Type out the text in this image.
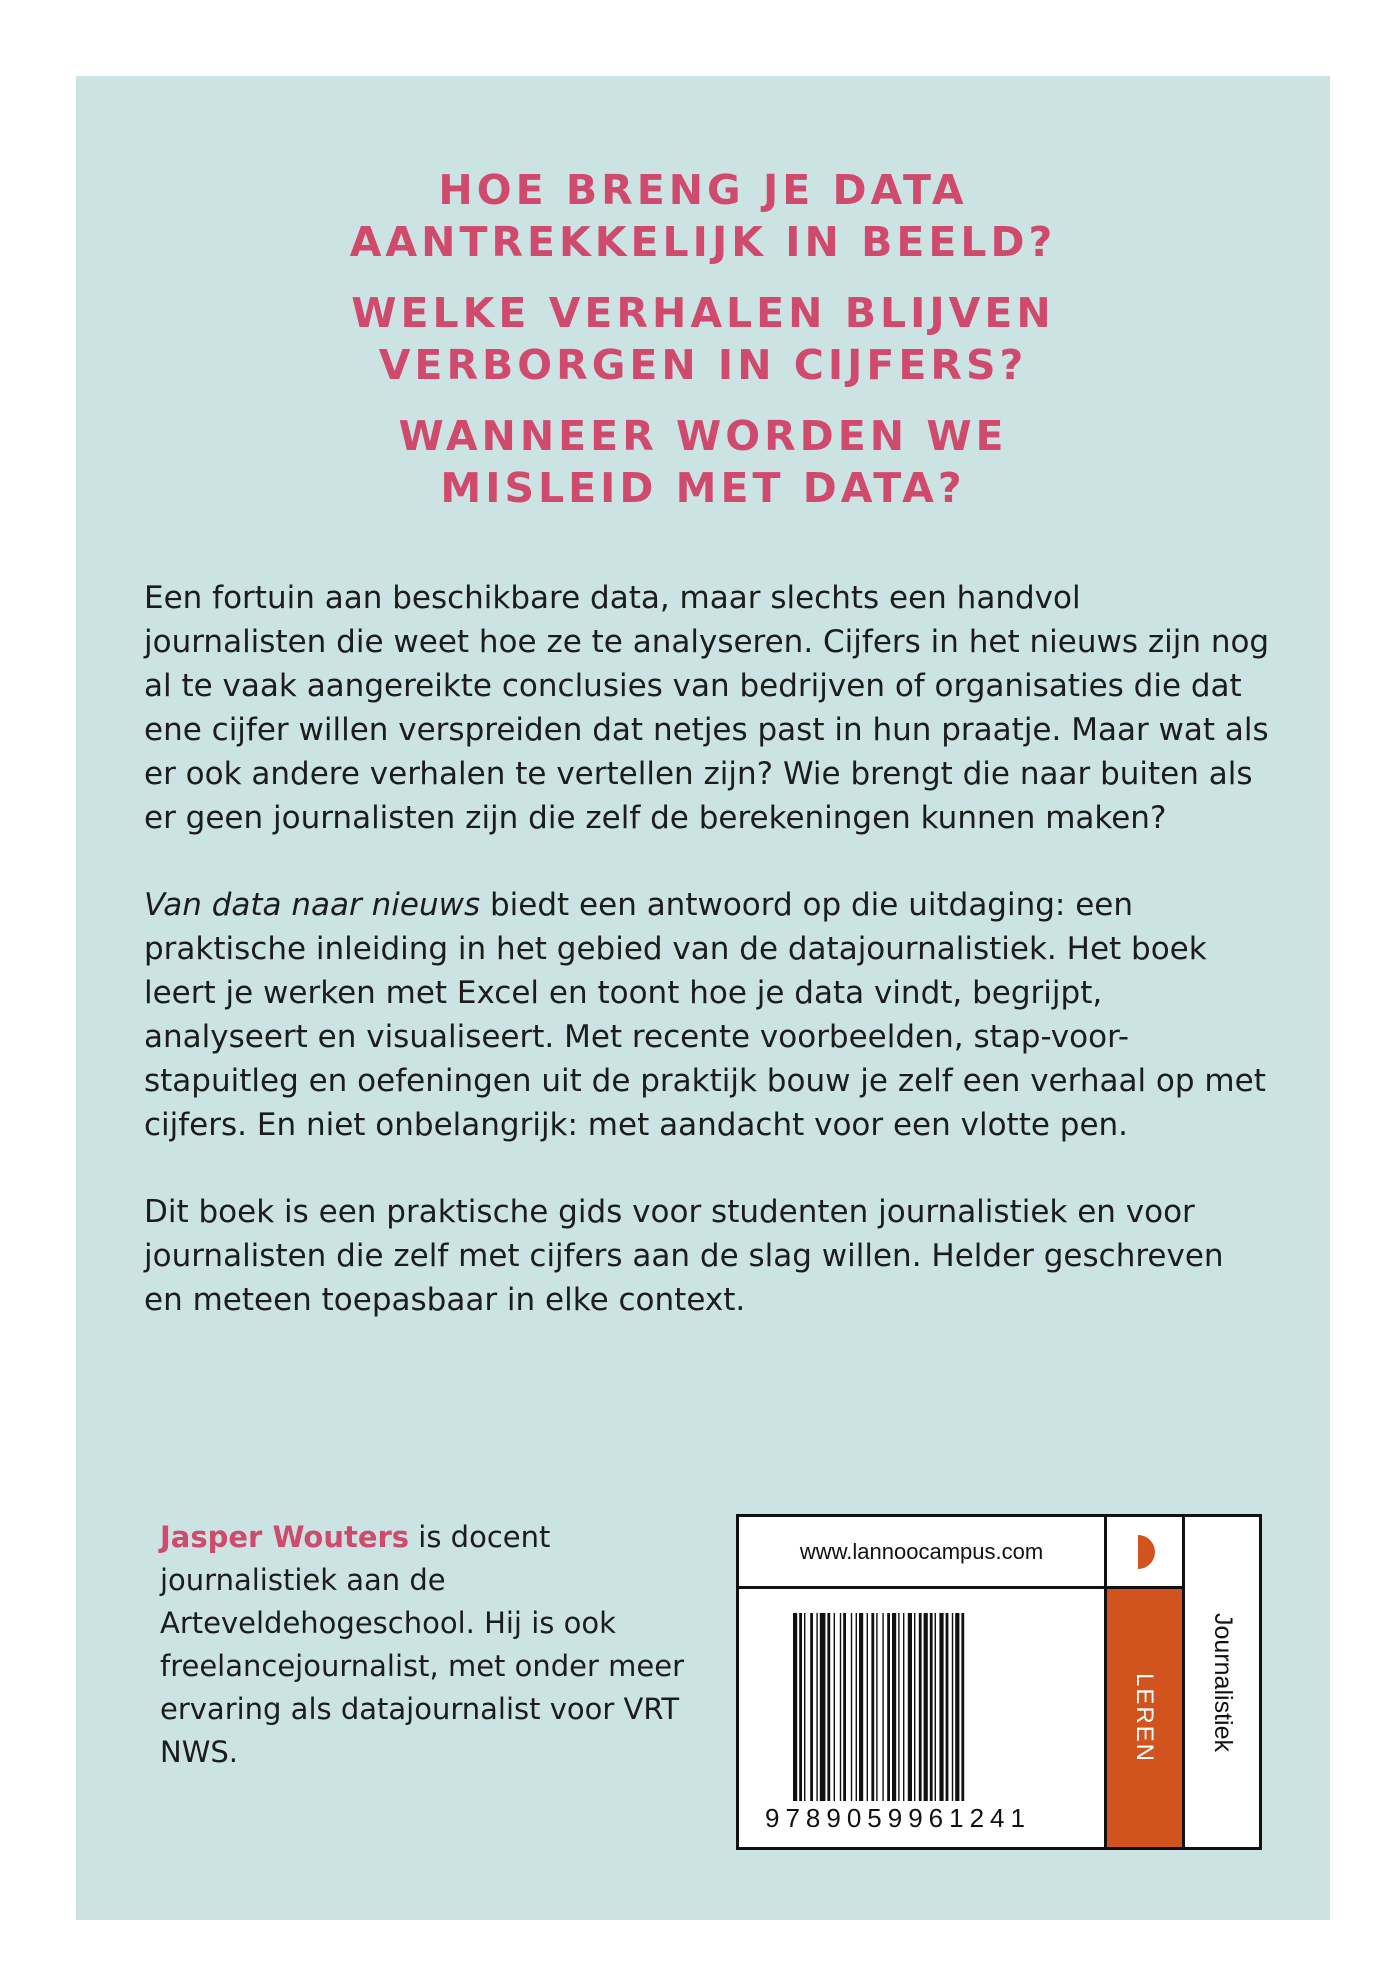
HOE BRENG JE DATA
AANTREKKELIJK IN BEELD?
WELKE VERHALEN BLIJVEN
VERBORGEN IN CIJFERS?
WANNEER WORDEN WE
MISLEID MET DATA?

Een fortuin aan beschikbare data, maar slechts een handvol journalisten die weet hoe ze te analyseren. Cijfers in het nieuws zijn nog al te vaak aangereikte conclusies van bedrijven of organisaties die dat ene cijfer willen verspreiden dat netjes past in hun praatje. Maar wat als er ook andere verhalen te vertellen zijn? Wie brengt die naar buiten als er geen journalisten zijn die zelf de berekeningen kunnen maken?

Van data naar nieuws biedt een antwoord op die uitdaging: een praktische inleiding in het gebied van de datajournalistiek. Het boek leert je werken met Excel en toont hoe je data vindt, begrijpt, analyseert en visualiseert. Met recente voorbeelden, stap-voor-stapuitleg en oefeningen uit de praktijk bouw je zelf een verhaal op met cijfers. En niet onbelangrijk: met aandacht voor een vlotte pen.

Dit boek is een praktische gids voor studenten journalistiek en voor journalisten die zelf met cijfers aan de slag willen. Helder geschreven en meteen toepasbaar in elke context.

Jasper Wouters is docent journalistiek aan de Arteveldehogeschool. Hij is ook freelancejournalist, met onder meer ervaring als datajournalist voor VRT NWS.
www.lannoocampus.com
LEREN Journalistiek
9789059961241
